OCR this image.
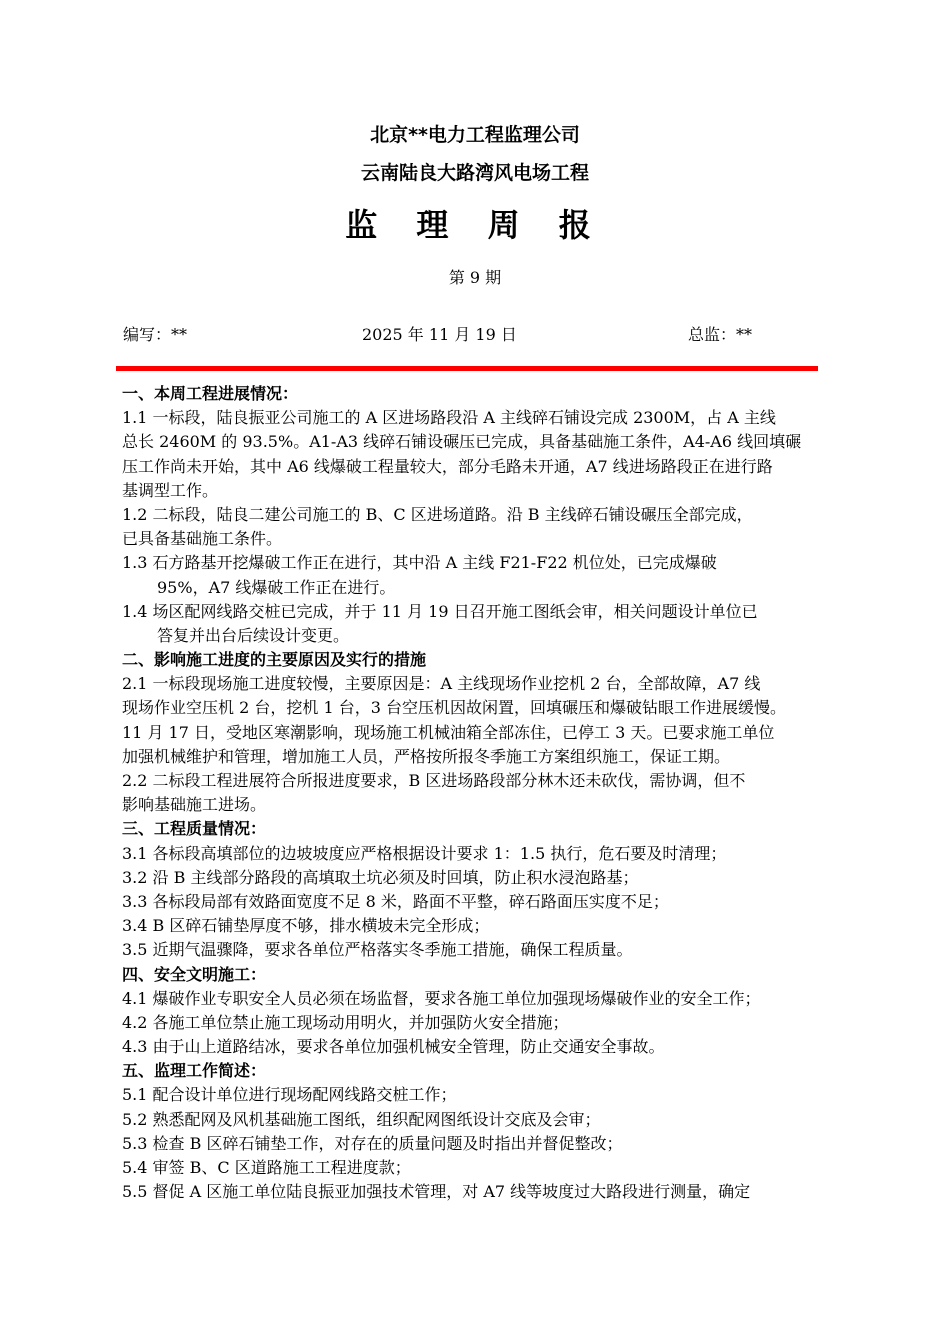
北京**电力工程监理公司
云南陆良大路湾风电场工程
监 理 周 报
第 9 期
编写：**	2025 年 11 月 19 日	总监：**
一、本周工程进展情况：
1.1 一标段，陆良振亚公司施工的 A 区进场路段沿 A 主线碎石铺设完成 2300M，占 A 主线
总长 2460M 的 93.5%。A1-A3 线碎石铺设碾压已完成，具备基础施工条件，A4-A6 线回填碾
压工作尚未开始，其中 A6 线爆破工程量较大，部分毛路未开通，A7 线进场路段正在进行路
基调型工作。
1.2 二标段，陆良二建公司施工的 B、C 区进场道路。沿 B 主线碎石铺设碾压全部完成，
已具备基础施工条件。
1.3 石方路基开挖爆破工作正在进行，其中沿 A 主线 F21-F22 机位处，已完成爆破
95%，A7 线爆破工作正在进行。
1.4 场区配网线路交桩已完成，并于 11 月 19 日召开施工图纸会审，相关问题设计单位已
答复并出台后续设计变更。
二、影响施工进度的主要原因及实行的措施
2.1 一标段现场施工进度较慢，主要原因是：A 主线现场作业挖机 2 台，全部故障，A7 线
现场作业空压机 2 台，挖机 1 台，3 台空压机因故闲置，回填碾压和爆破钻眼工作进展缓慢。
11 月 17 日，受地区寒潮影响，现场施工机械油箱全部冻住，已停工 3 天。已要求施工单位
加强机械维护和管理，增加施工人员，严格按所报冬季施工方案组织施工，保证工期。
2.2 二标段工程进展符合所报进度要求，B 区进场路段部分林木还未砍伐，需协调，但不
影响基础施工进场。
三、工程质量情况：
3.1 各标段高填部位的边坡坡度应严格根据设计要求 1：1.5 执行，危石要及时清理；
3.2 沿 B 主线部分路段的高填取土坑必须及时回填，防止积水浸泡路基；
3.3 各标段局部有效路面宽度不足 8 米，路面不平整，碎石路面压实度不足；
3.4 B 区碎石铺垫厚度不够，排水横坡未完全形成；
3.5 近期气温骤降，要求各单位严格落实冬季施工措施，确保工程质量。
四、安全文明施工：
4.1 爆破作业专职安全人员必须在场监督，要求各施工单位加强现场爆破作业的安全工作；
4.2 各施工单位禁止施工现场动用明火，并加强防火安全措施；
4.3 由于山上道路结冰，要求各单位加强机械安全管理，防止交通安全事故。
五、监理工作简述：
5.1 配合设计单位进行现场配网线路交桩工作；
5.2 熟悉配网及风机基础施工图纸，组织配网图纸设计交底及会审；
5.3 检查 B 区碎石铺垫工作，对存在的质量问题及时指出并督促整改；
5.4 审签 B、C 区道路施工工程进度款；
5.5 督促 A 区施工单位陆良振亚加强技术管理，对 A7 线等坡度过大路段进行测量，确定
